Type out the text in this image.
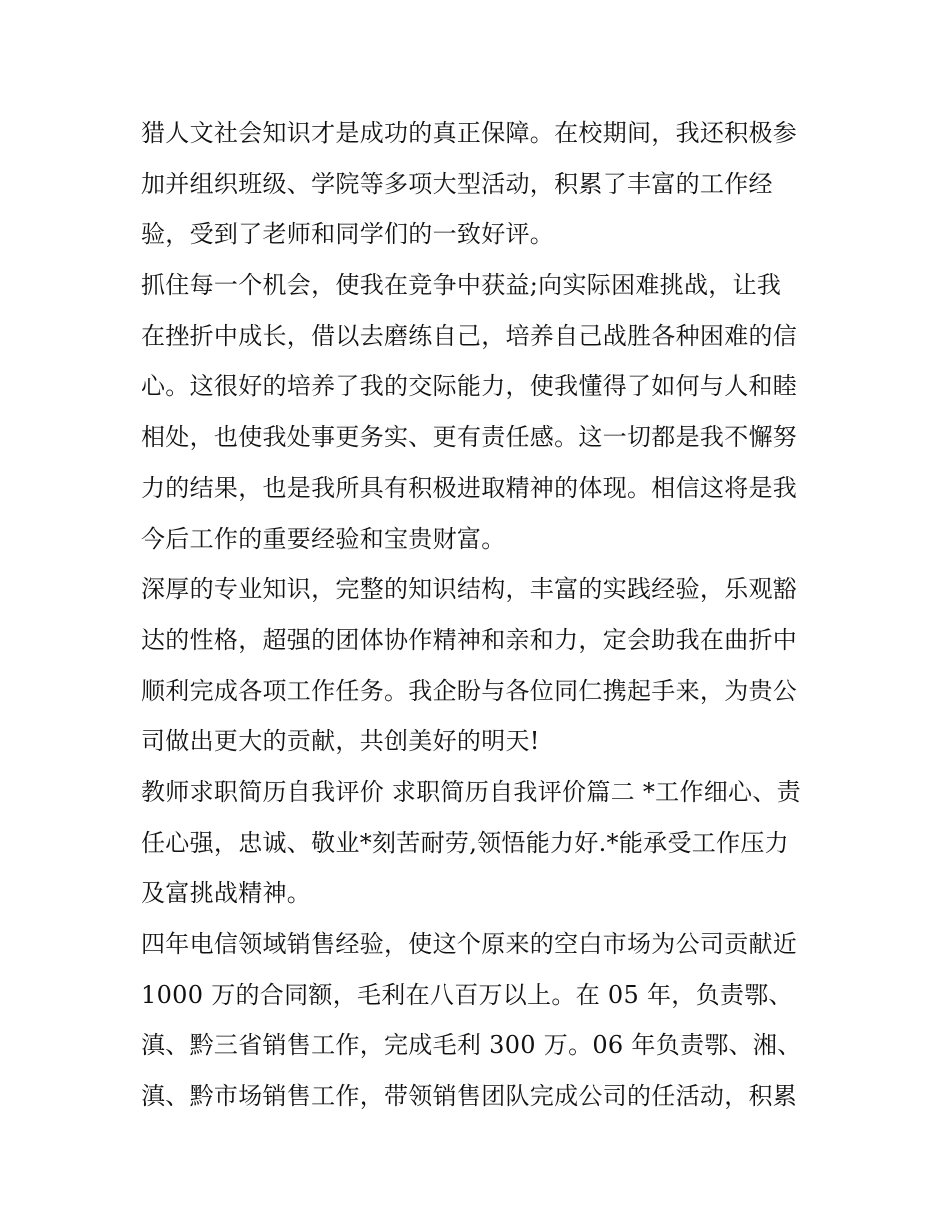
猎人文社会知识才是成功的真正保障。在校期间，我还积极参
加并组织班级、学院等多项大型活动，积累了丰富的工作经
验，受到了老师和同学们的一致好评。
抓住每一个机会，使我在竞争中获益;向实际困难挑战，让我
在挫折中成长，借以去磨练自己，培养自己战胜各种困难的信
心。这很好的培养了我的交际能力，使我懂得了如何与人和睦
相处，也使我处事更务实、更有责任感。这一切都是我不懈努
力的结果，也是我所具有积极进取精神的体现。相信这将是我
今后工作的重要经验和宝贵财富。
深厚的专业知识，完整的知识结构，丰富的实践经验，乐观豁
达的性格，超强的团体协作精神和亲和力，定会助我在曲折中
顺利完成各项工作任务。我企盼与各位同仁携起手来，为贵公
司做出更大的贡献，共创美好的明天!
教师求职简历自我评价 求职简历自我评价篇二 *工作细心、责
任心强，忠诚、敬业*刻苦耐劳,领悟能力好.*能承受工作压力
及富挑战精神。
四年电信领域销售经验，使这个原来的空白市场为公司贡献近
1000 万的合同额，毛利在八百万以上。在 05 年，负责鄂、
滇、黔三省销售工作，完成毛利 300 万。06 年负责鄂、湘、
滇、黔市场销售工作，带领销售团队完成公司的任活动，积累
